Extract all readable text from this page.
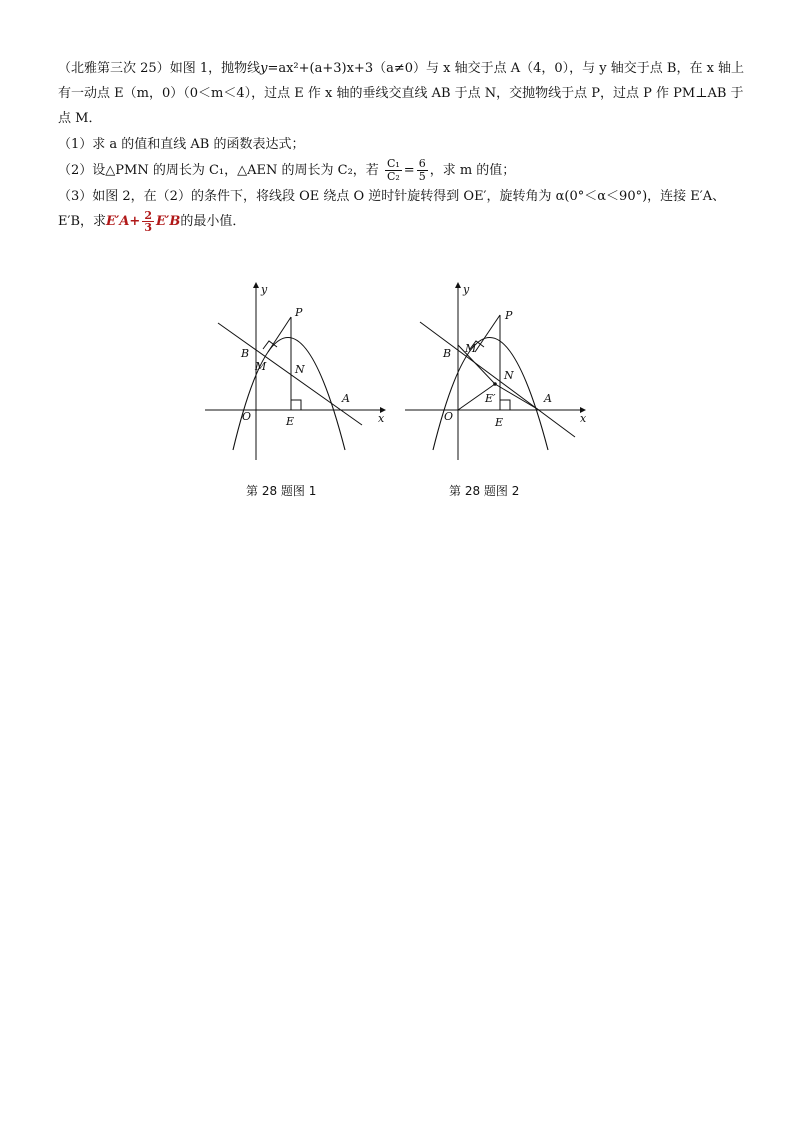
（北雅第三次 25）如图 1，抛物线y=ax²+(a+3)x+3（a≠0）与 x 轴交于点 A（4，0），与 y 轴交于点 B，在 x 轴上有一动点 E（m，0）（0＜m＜4），过点 E 作 x 轴的垂线交直线 AB 于点 N，交抛物线于点 P，过点 P 作 PM⊥AB 于点 M．

（1）求 a 的值和直线 AB 的函数表达式；

（2）设△PMN 的周长为 C₁，△AEN 的周长为 C₂，若 $\frac{\text{C₁}}{\text{C₂}} = \frac{6}{5}$ ，求 m 的值；

（3）如图 2，在（2）的条件下，将线段 OE 绕点 O 逆时针旋转得到 OE′，旋转角为 α(0°＜α＜90°)，连接 E′A、E′B，求$E'A+ \frac{2}{3} E'B$的最小值．

y
x
O
P
B
M	N
A
E
第 28 题图 1
y
x
O
P
B M
N
A
E
E′
第 28 题图 2
